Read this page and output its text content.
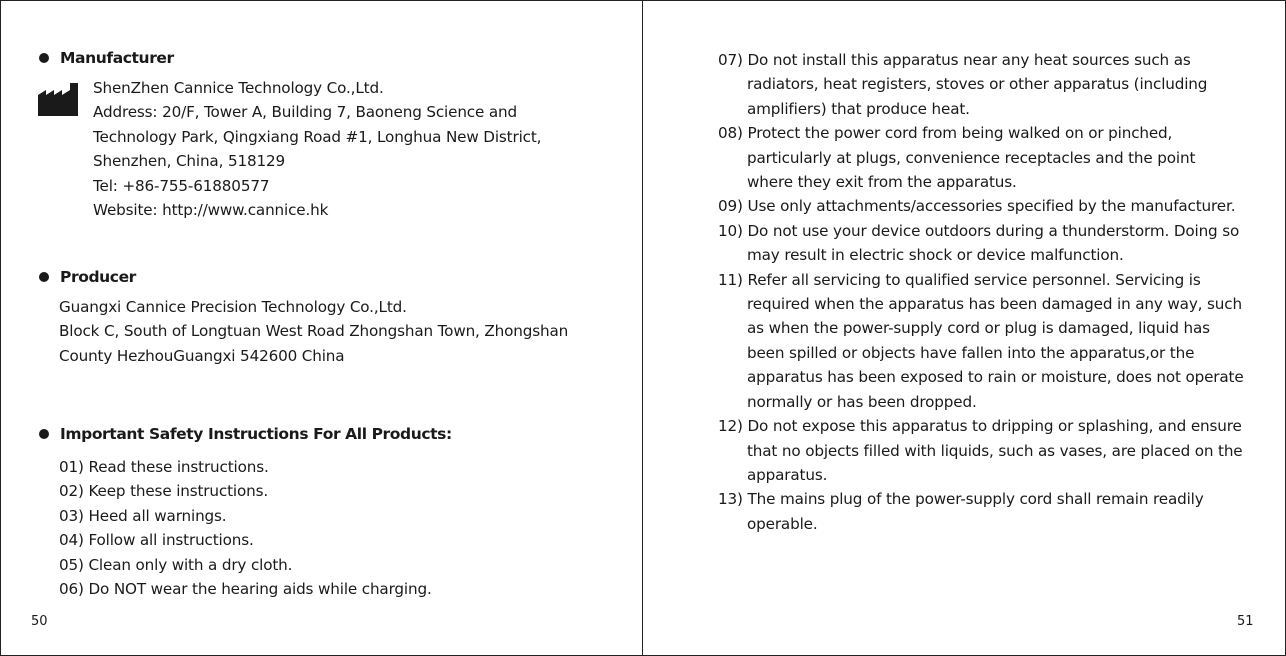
Manufacturer
ShenZhen Cannice Technology Co.,Ltd.
Address: 20/F, Tower A, Building 7, Baoneng Science and
Technology Park, Qingxiang Road #1, Longhua New District,
Shenzhen, China, 518129
Tel: +86-755-61880577
Website: http://www.cannice.hk
Producer
Guangxi Cannice Precision Technology Co.,Ltd.
Block C, South of Longtuan West Road Zhongshan Town, Zhongshan
County HezhouGuangxi 542600 China
Important Safety Instructions For All Products:
01) Read these instructions.
02) Keep these instructions.
03) Heed all warnings.
04) Follow all instructions.
05) Clean only with a dry cloth.
06) Do NOT wear the hearing aids while charging.
50
07) Do not install this apparatus near any heat sources such as
radiators, heat registers, stoves or other apparatus (including
amplifiers) that produce heat.
08) Protect the power cord from being walked on or pinched,
particularly at plugs, convenience receptacles and the point
where they exit from the apparatus.
09) Use only attachments/accessories specified by the manufacturer.
10) Do not use your device outdoors during a thunderstorm. Doing so
may result in electric shock or device malfunction.
11) Refer all servicing to qualified service personnel. Servicing is
required when the apparatus has been damaged in any way, such
as when the power-supply cord or plug is damaged, liquid has
been spilled or objects have fallen into the apparatus,or the
apparatus has been exposed to rain or moisture, does not operate
normally or has been dropped.
12) Do not expose this apparatus to dripping or splashing, and ensure
that no objects filled with liquids, such as vases, are placed on the
apparatus.
13) The mains plug of the power-supply cord shall remain readily
operable.
51
